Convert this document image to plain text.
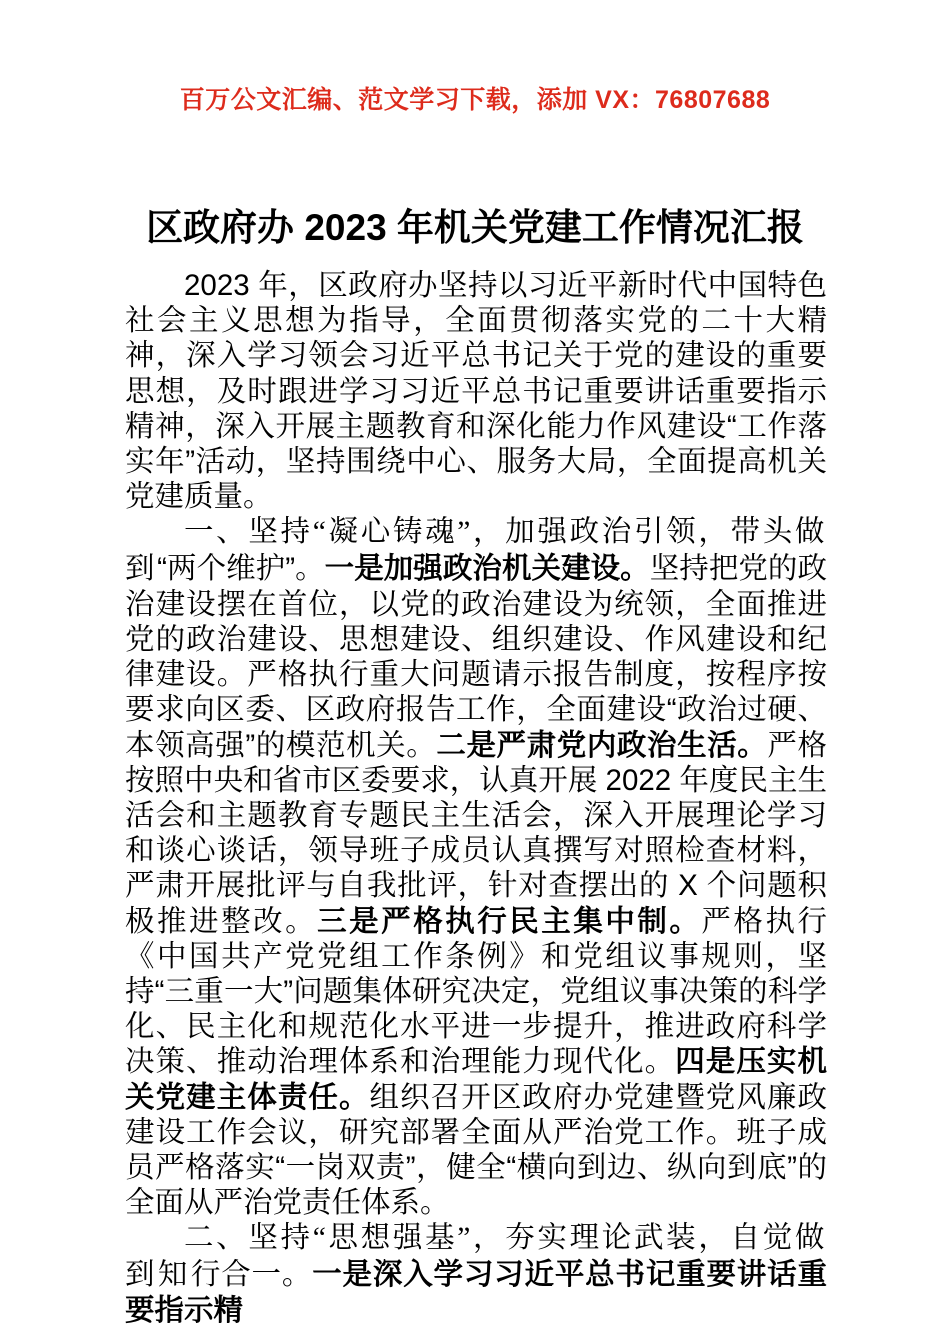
百万公文汇编、范文学习下载，添加 VX：76807688
区政府办 2023 年机关党建工作情况汇报

2023 年，区政府办坚持以习近平新时代中国特色社会主义思想为指导，全面贯彻落实党的二十大精神，深入学习领会习近平总书记关于党的建设的重要思想，及时跟进学习习近平总书记重要讲话重要指示精神，深入开展主题教育和深化能力作风建设“工作落实年”活动，坚持围绕中心、服务大局，全面提高机关党建质量。

一、坚持“凝心铸魂”，加强政治引领，带头做到“两个维护”。一是加强政治机关建设。坚持把党的政治建设摆在首位，以党的政治建设为统领，全面推进党的政治建设、思想建设、组织建设、作风建设和纪律建设。严格执行重大问题请示报告制度，按程序按要求向区委、区政府报告工作，全面建设“政治过硬、本领高强”的模范机关。二是严肃党内政治生活。严格按照中央和省市区委要求，认真开展 2022 年度民主生活会和主题教育专题民主生活会，深入开展理论学习和谈心谈话，领导班子成员认真撰写对照检查材料，严肃开展批评与自我批评，针对查摆出的 X 个问题积极推进整改。三是严格执行民主集中制。严格执行《中国共产党党组工作条例》和党组议事规则，坚持“三重一大”问题集体研究决定，党组议事决策的科学化、民主化和规范化水平进一步提升，推进政府科学决策、推动治理体系和治理能力现代化。四是压实机关党建主体责任。组织召开区政府办党建暨党风廉政建设工作会议，研究部署全面从严治党工作。班子成员严格落实“一岗双责”，健全“横向到边、纵向到底”的全面从严治党责任体系。

二、坚持“思想强基”，夯实理论武装，自觉做到知行合一。一是深入学习习近平总书记重要讲话重要指示精
